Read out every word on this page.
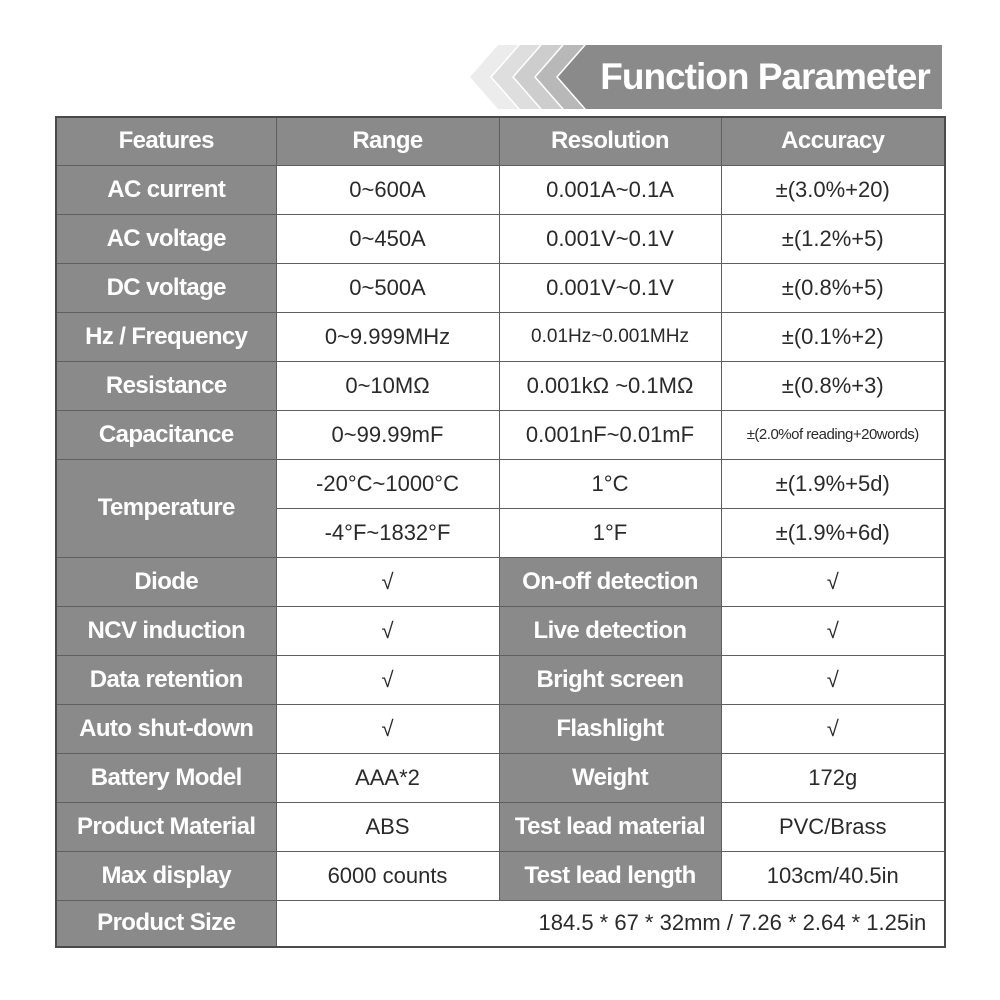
Function Parameter
Features	Range	Resolution	Accuracy
AC current	0~600A	0.001A~0.1A	±(3.0%+20)
AC voltage	0~450A	0.001V~0.1V	±(1.2%+5)
DC voltage	0~500A	0.001V~0.1V	±(0.8%+5)
Hz / Frequency	0~9.999MHz	0.01Hz~0.001MHz	±(0.1%+2)
Resistance	0~10MΩ	0.001kΩ ~0.1MΩ	±(0.8%+3)
Capacitance	0~99.99mF	0.001nF~0.01mF	±(2.0%of reading+20words)
Temperature	-20°C~1000°C	1°C	±(1.9%+5d)
	-4°F~1832°F	1°F	±(1.9%+6d)
Diode	√	On-off detection	√
NCV induction	√	Live detection	√
Data retention	√	Bright screen	√
Auto shut-down	√	Flashlight	√
Battery Model	AAA*2	Weight	172g
Product Material	ABS	Test lead material	PVC/Brass
Max display	6000 counts	Test lead length	103cm/40.5in
Product Size	184.5 * 67 * 32mm / 7.26 * 2.64 * 1.25in		
